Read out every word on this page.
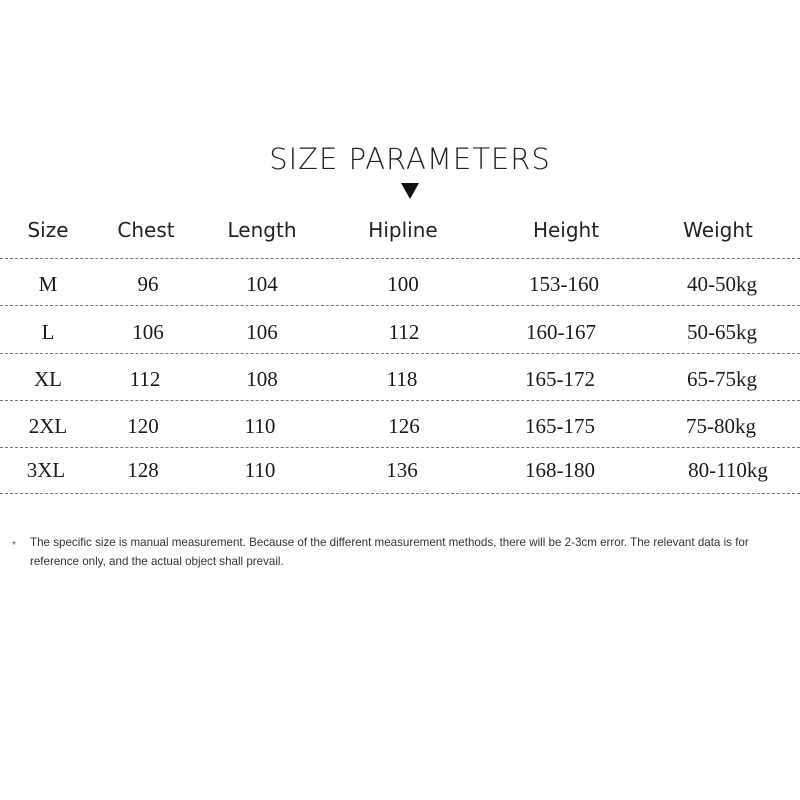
SIZE PARAMETERS
Size Chest	Length	Hipline	Height	Weight
M	96	104	100	153-160	40-50kg
L	106	106	112	160-167	50-65kg
XL	112	108	118	165-172	65-75kg
2XL	120	110	126	165-175	75-80kg
3XL	128	110	136	168-180	80-110kg
*	The specific size is manual measurement. Because of the different measurement methods, there will be 2-3cm error. The relevant data is for reference only, and the actual object shall prevail.
